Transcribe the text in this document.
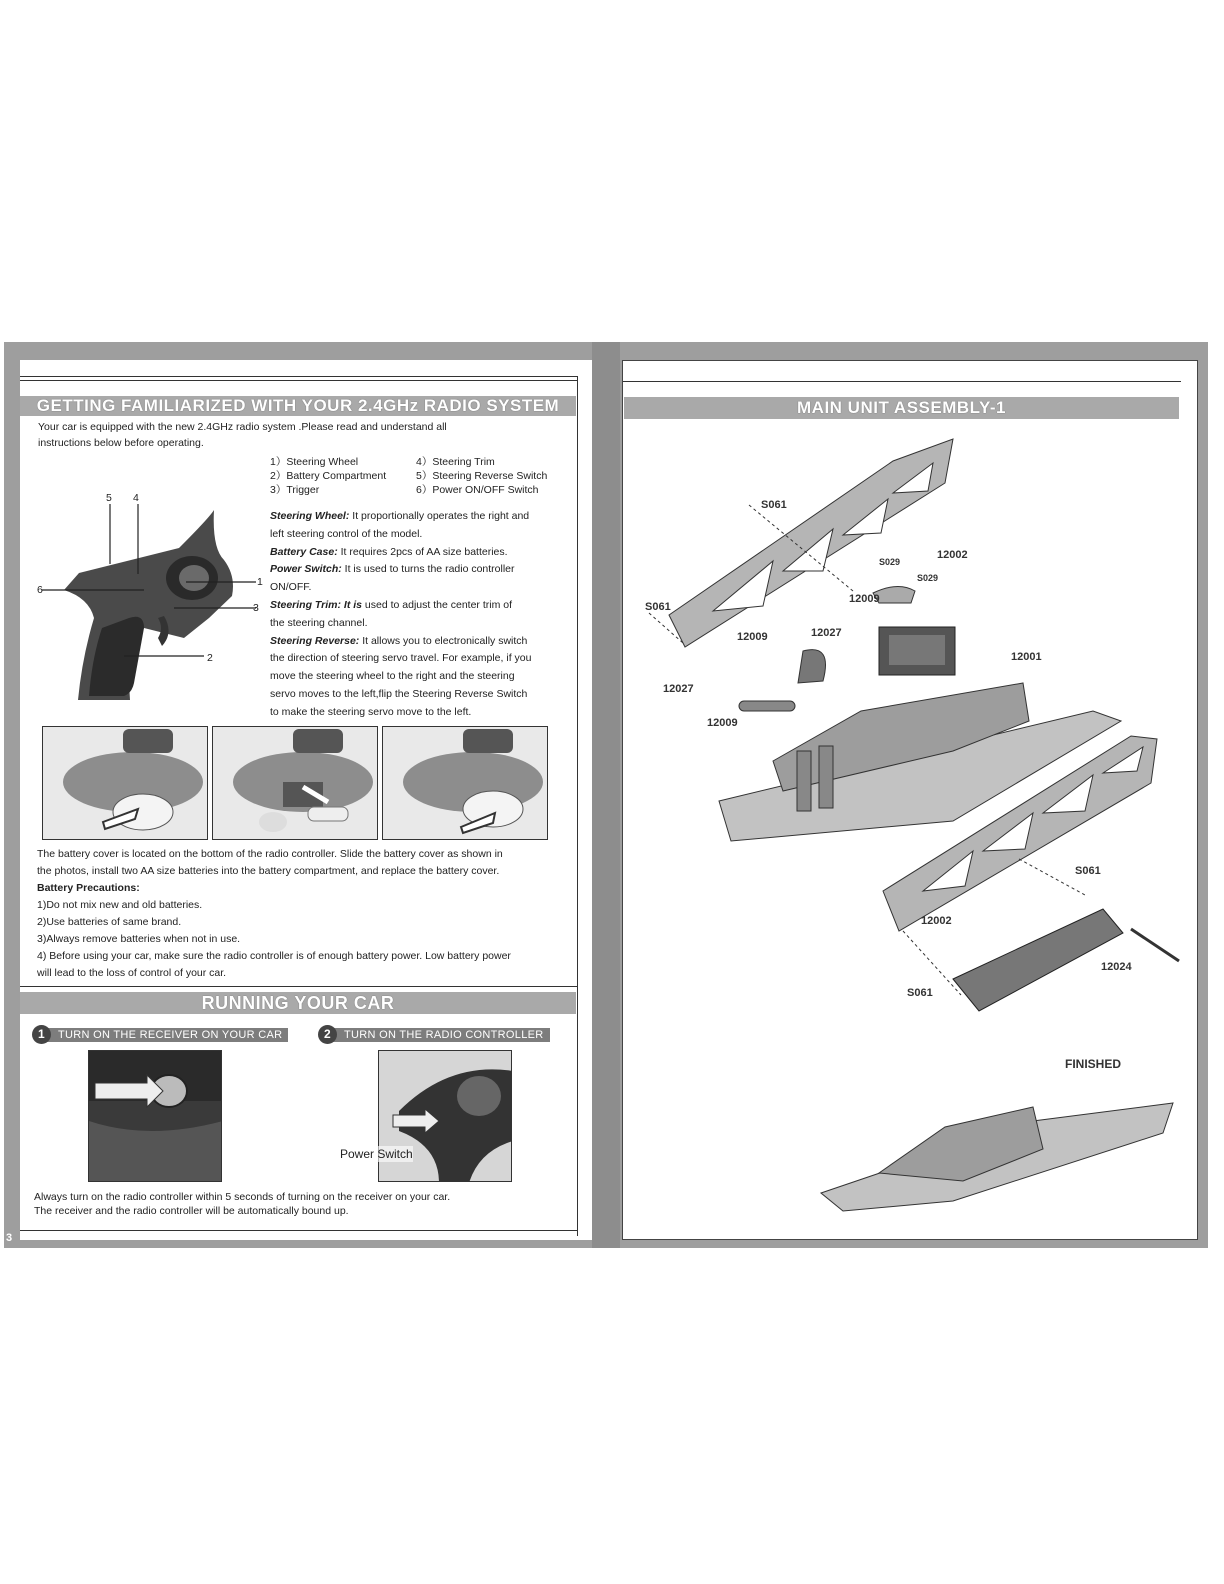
GETTING FAMILIARIZED WITH YOUR 2.4GHz RADIO SYSTEM
Your car is equipped with the new 2.4GHz radio system .Please read and understand all
instructions below before operating.
1
3
6
2
5 4
1）Steering Wheel
2）Battery Compartment
3）Trigger
4）Steering Trim
5）Steering Reverse Switch
6）Power ON/OFF Switch
Steering Wheel: It proportionally operates the right and
left steering control of the model.
Battery Case: It requires 2pcs of AA size batteries.
Power Switch: It is used to turns the radio controller
ON/OFF.
Steering Trim: It is used to adjust the center trim of
the steering channel.
Steering Reverse: It allows you to electronically switch
the direction of steering servo travel. For example, if you
move the steering wheel to the right and the steering
servo moves to the left,flip the Steering Reverse Switch
to make the steering servo move to the left.
The battery cover is located on the bottom of the radio controller. Slide the battery cover as shown in
the photos, install two AA size batteries into the battery compartment, and replace the battery cover.
Battery Precautions:
1)Do not mix new and old batteries.
2)Use batteries of same brand.
3)Always remove batteries when not in use.
4) Before using your car, make sure the radio controller is of enough battery power. Low battery power
will lead to the loss of control of your car.
RUNNING YOUR CAR
1	TURN ON THE RECEIVER ON YOUR CAR	2	TURN ON THE RADIO CONTROLLER
Power Switch
Always turn on the radio controller within 5 seconds of turning on the receiver on your car.
The receiver and the radio controller will be automatically bound up.
MAIN UNIT ASSEMBLY-1
S061
S061
12002
S029
S029
12009
12009	12027
12001
12027
12009
S061
12002
12024
S061
FINISHED
3
